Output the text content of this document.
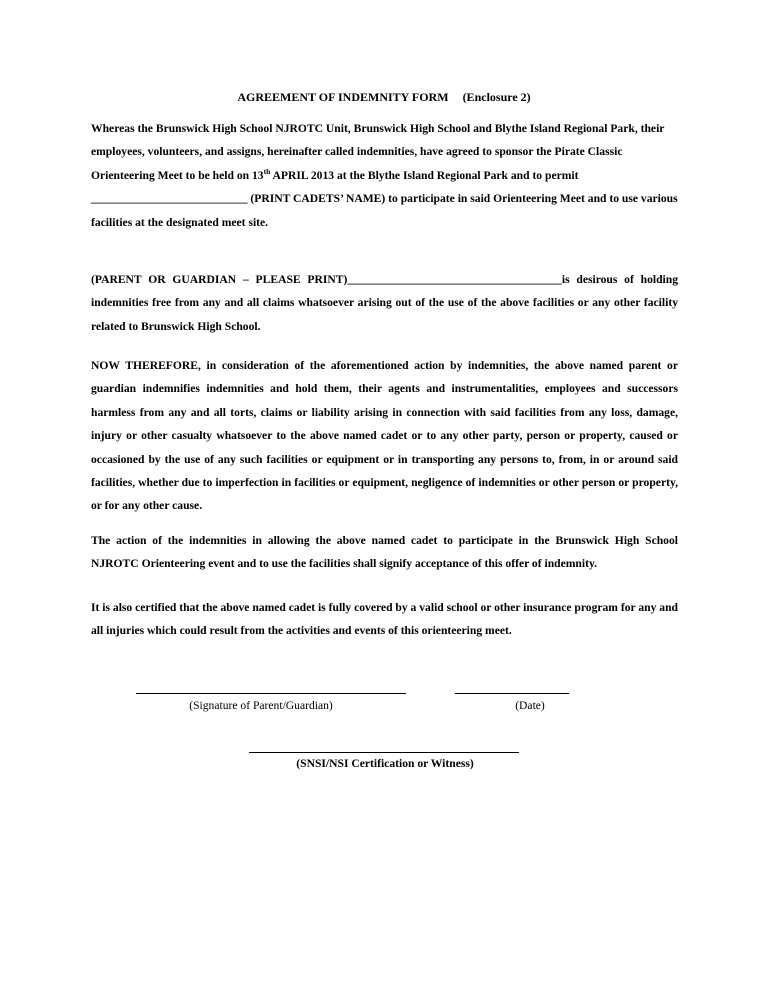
AGREEMENT OF INDEMNITY FORM (Enclosure 2)
Whereas the Brunswick High School NJROTC Unit, Brunswick High School and Blythe Island Regional Park, their employees, volunteers, and assigns, hereinafter called indemnities, have agreed to sponsor the Pirate Classic Orienteering Meet to be held on 13th APRIL 2013 at the Blythe Island Regional Park and to permit ___________________________ (PRINT CADETS’ NAME) to participate in said Orienteering Meet and to use various facilities at the designated meet site.
(PARENT OR GUARDIAN – PLEASE PRINT)_____________________________________is desirous of holding indemnities free from any and all claims whatsoever arising out of the use of the above facilities or any other facility related to Brunswick High School.
NOW THEREFORE, in consideration of the aforementioned action by indemnities, the above named parent or guardian indemnifies indemnities and hold them, their agents and instrumentalities, employees and successors harmless from any and all torts, claims or liability arising in connection with said facilities from any loss, damage, injury or other casualty whatsoever to the above named cadet or to any other party, person or property, caused or occasioned by the use of any such facilities or equipment or in transporting any persons to, from, in or around said facilities, whether due to imperfection in facilities or equipment, negligence of indemnities or other person or property, or for any other cause.
The action of the indemnities in allowing the above named cadet to participate in the Brunswick High School NJROTC Orienteering event and to use the facilities shall signify acceptance of this offer of indemnity.
It is also certified that the above named cadet is fully covered by a valid school or other insurance program for any and all injuries which could result from the activities and events of this orienteering meet.
(Signature of Parent/Guardian)	(Date)
(SNSI/NSI Certification or Witness)
